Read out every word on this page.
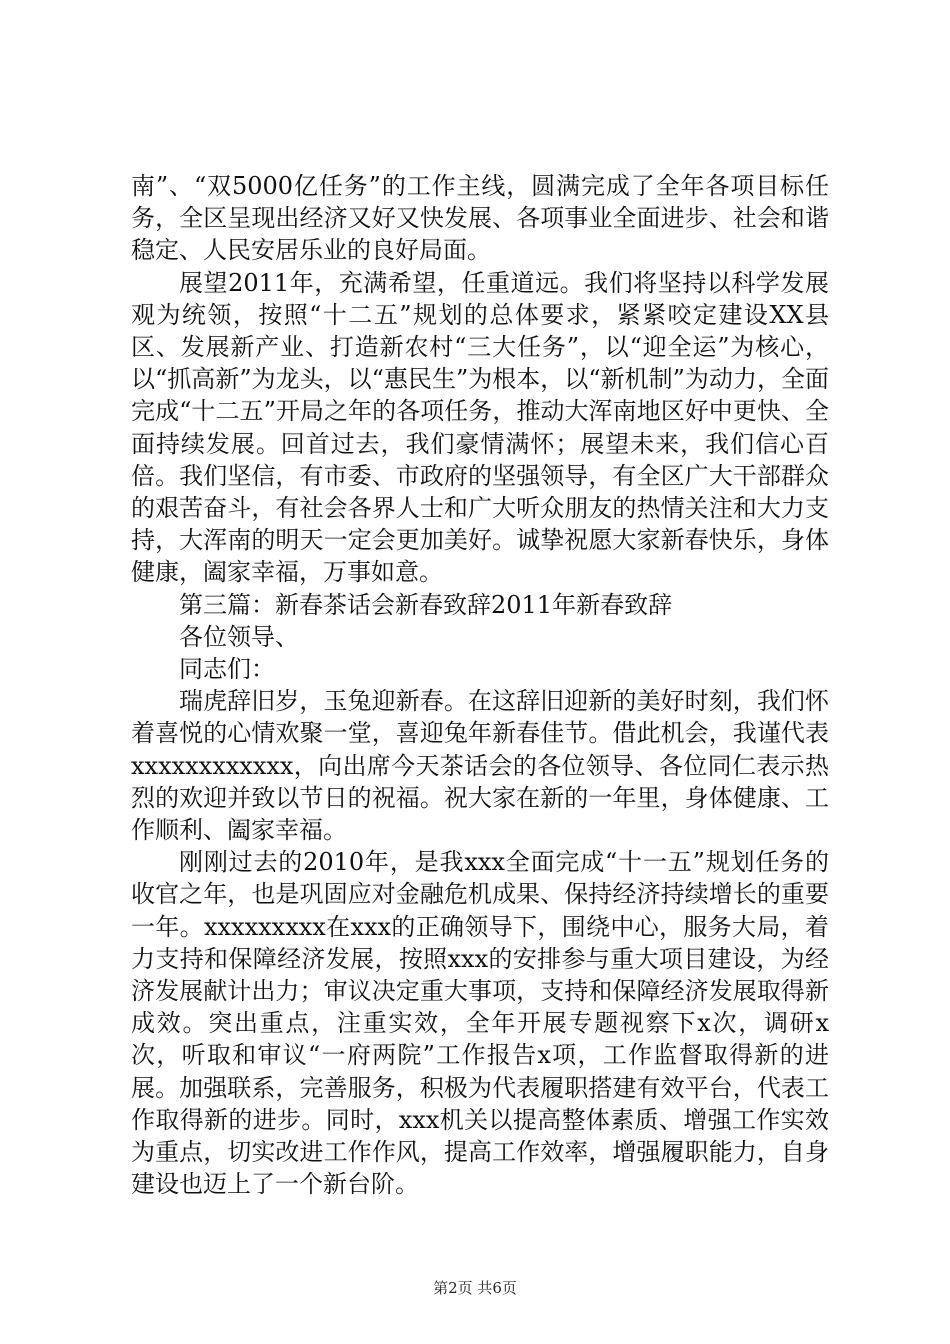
南”、“双5000亿任务”的工作主线，圆满完成了全年各项目标任务，全区呈现出经济又好又快发展、各项事业全面进步、社会和谐稳定、人民安居乐业的良好局面。

展望2011年，充满希望，任重道远。我们将坚持以科学发展观为统领，按照“十二五”规划的总体要求，紧紧咬定建设XX县区、发展新产业、打造新农村“三大任务”，以“迎全运”为核心，以“抓高新”为龙头，以“惠民生”为根本，以“新机制”为动力，全面完成“十二五”开局之年的各项任务，推动大浑南地区好中更快、全面持续发展。回首过去，我们豪情满怀；展望未来，我们信心百倍。我们坚信，有市委、市政府的坚强领导，有全区广大干部群众的艰苦奋斗，有社会各界人士和广大听众朋友的热情关注和大力支持，大浑南的明天一定会更加美好。诚挚祝愿大家新春快乐，身体健康，阖家幸福，万事如意。

第三篇：新春茶话会新春致辞2011年新春致辞

各位领导、

同志们：

瑞虎辞旧岁，玉兔迎新春。在这辞旧迎新的美好时刻，我们怀着喜悦的心情欢聚一堂，喜迎兔年新春佳节。借此机会，我谨代表xxxxxxxxxxxx，向出席今天茶话会的各位领导、各位同仁表示热烈的欢迎并致以节日的祝福。祝大家在新的一年里，身体健康、工作顺利、阖家幸福。

刚刚过去的2010年，是我xxx全面完成“十一五”规划任务的收官之年，也是巩固应对金融危机成果、保持经济持续增长的重要一年。xxxxxxxxx在xxx的正确领导下，围绕中心，服务大局，着力支持和保障经济发展，按照xxx的安排参与重大项目建设，为经济发展献计出力；审议决定重大事项，支持和保障经济发展取得新成效。突出重点，注重实效，全年开展专题视察下x次，调研x次，听取和审议“一府两院”工作报告x项，工作监督取得新的进展。加强联系，完善服务，积极为代表履职搭建有效平台，代表工作取得新的进步。同时，xxx机关以提高整体素质、增强工作实效为重点，切实改进工作作风，提高工作效率，增强履职能力，自身建设也迈上了一个新台阶。

第2页 共6页
